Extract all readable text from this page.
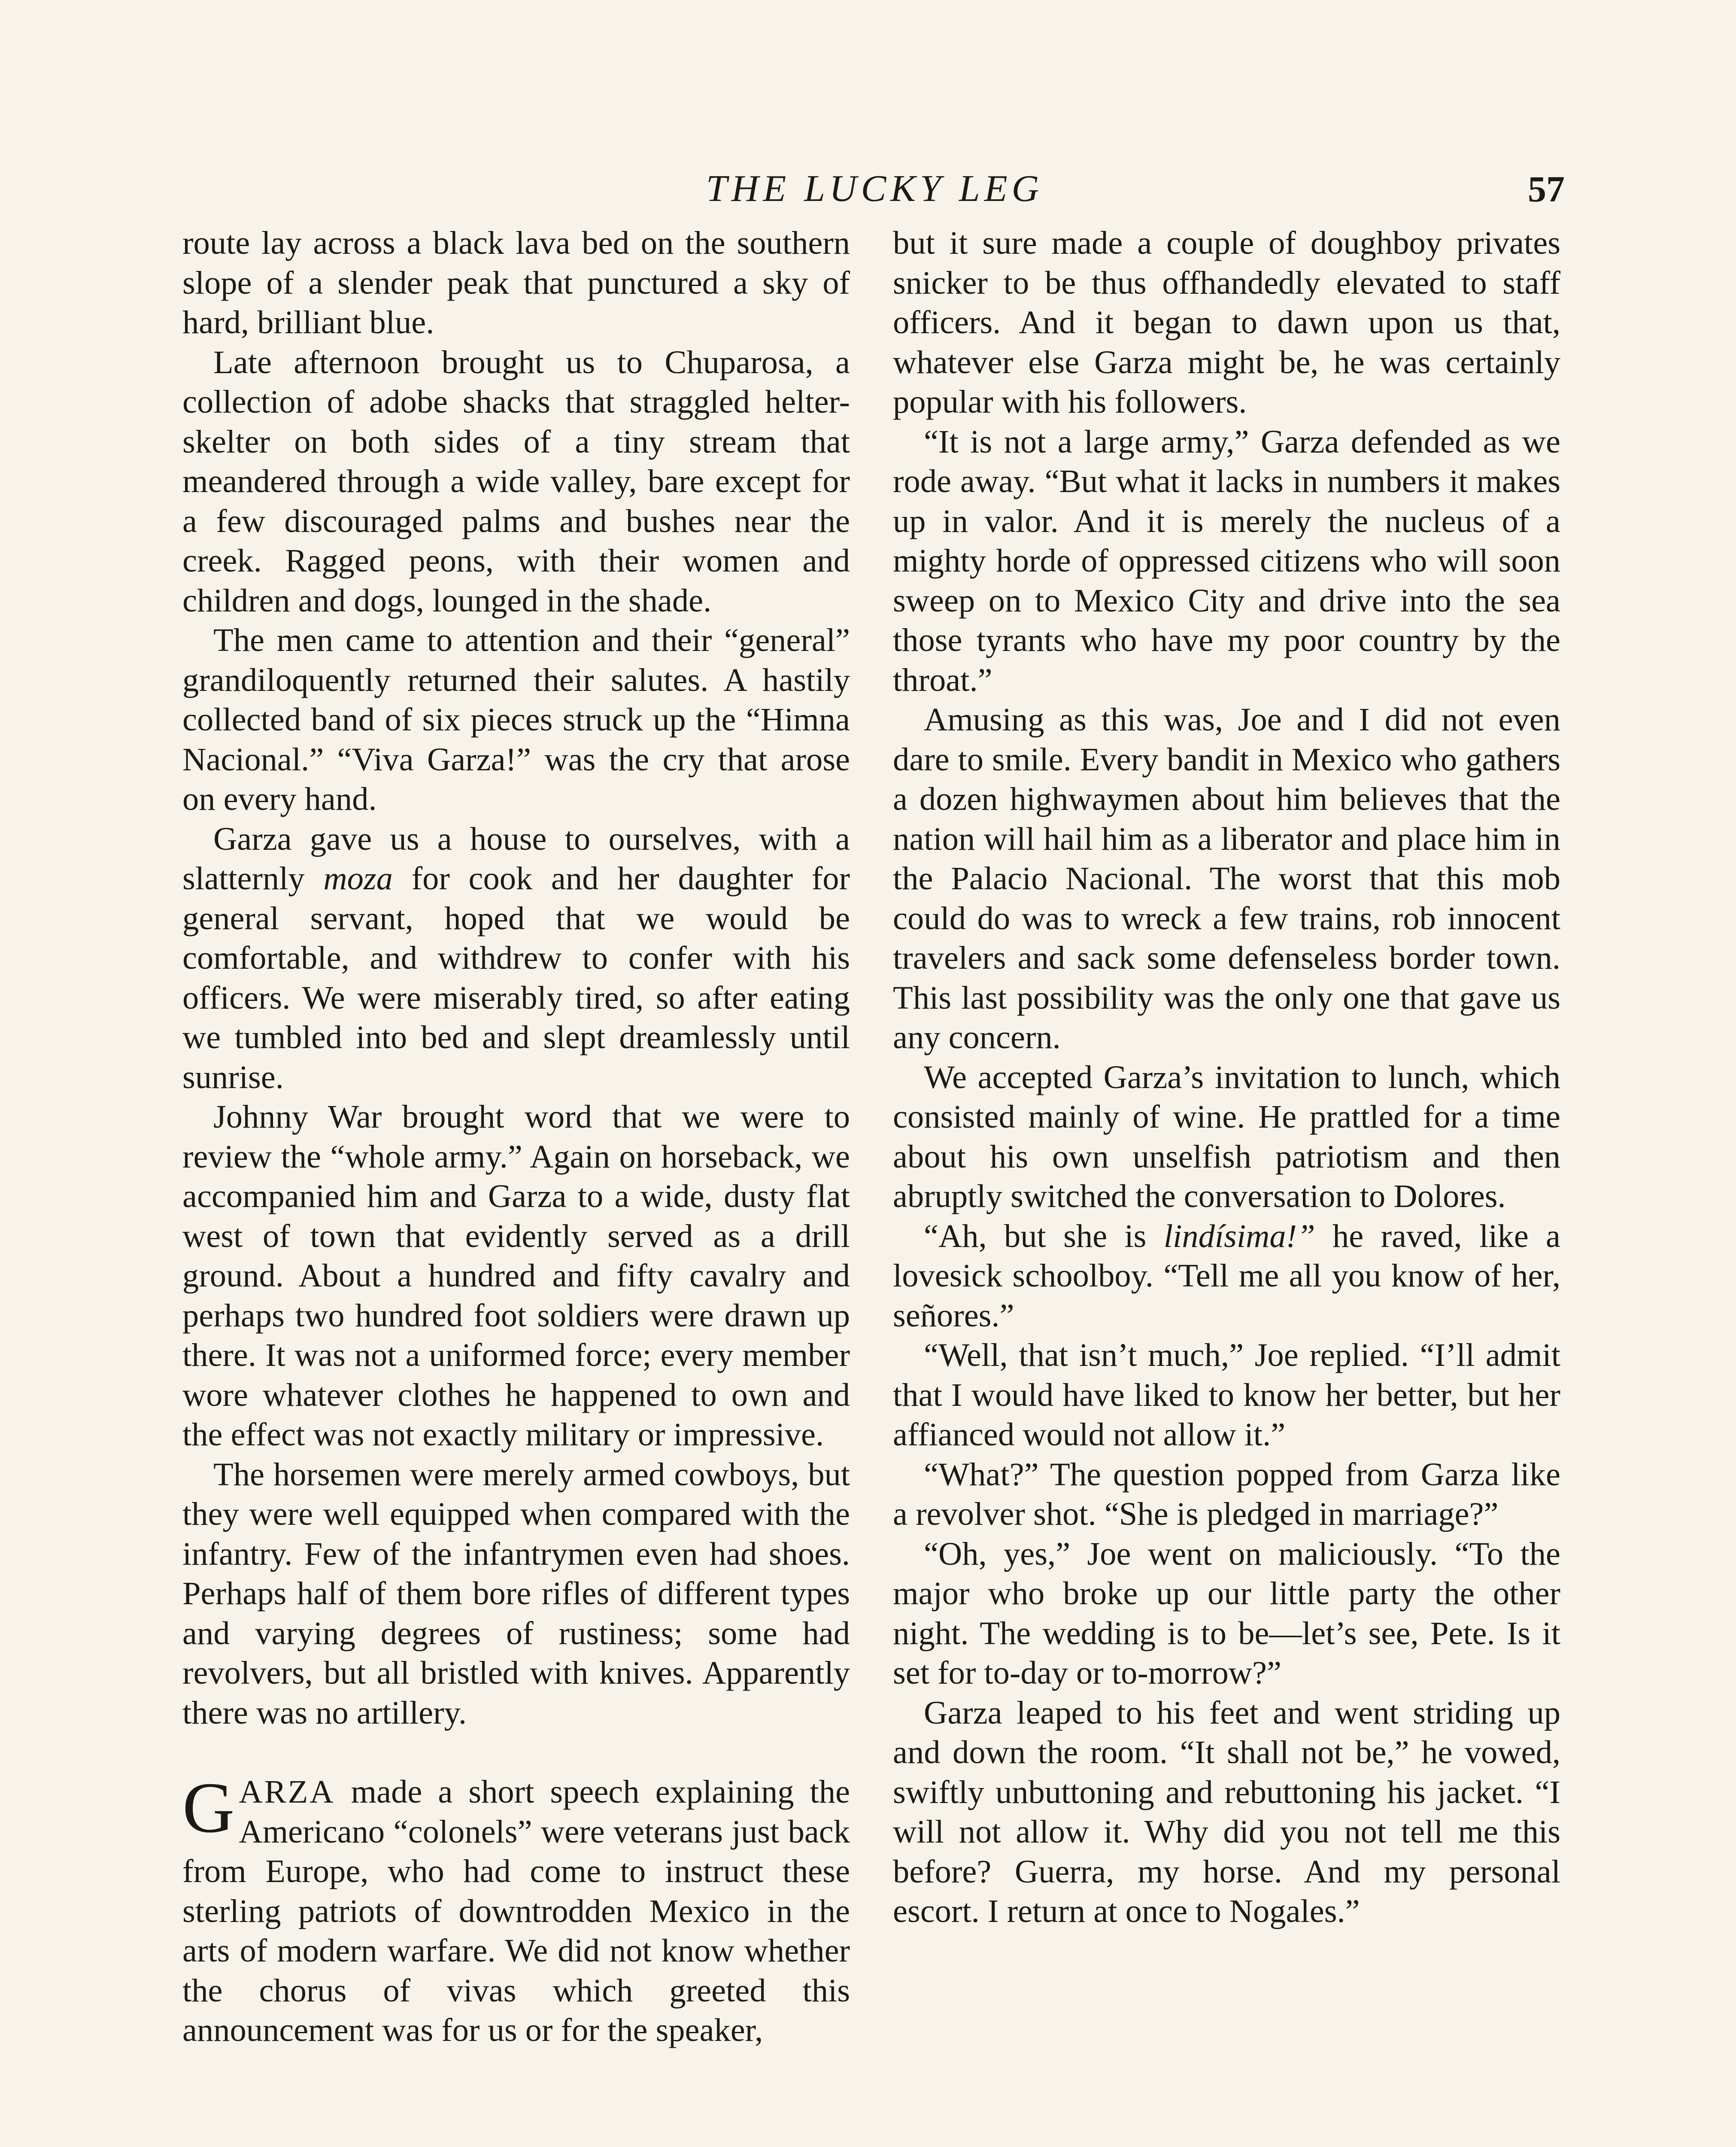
THE LUCKY LEG	57

route lay across a black lava bed on the southern slope of a slender peak that punctured a sky of hard, brilliant blue.

Late afternoon brought us to Chuparosa, a collection of adobe shacks that straggled helter-skelter on both sides of a tiny stream that meandered through a wide valley, bare except for a few discouraged palms and bushes near the creek. Ragged peons, with their women and children and dogs, lounged in the shade.

The men came to attention and their “general” grandiloquently returned their salutes. A hastily collected band of six pieces struck up the “Himna Nacional.” “Viva Garza!” was the cry that arose on every hand.

Garza gave us a house to ourselves, with a slatternly moza for cook and her daughter for general servant, hoped that we would be comfortable, and withdrew to confer with his officers. We were miserably tired, so after eating we tumbled into bed and slept dreamlessly until sunrise.

Johnny War brought word that we were to review the “whole army.” Again on horseback, we accompanied him and Garza to a wide, dusty flat west of town that evidently served as a drill ground. About a hundred and fifty cavalry and perhaps two hundred foot soldiers were drawn up there. It was not a uniformed force; every member wore whatever clothes he happened to own and the effect was not exactly military or impressive.

The horsemen were merely armed cowboys, but they were well equipped when compared with the infantry. Few of the infantrymen even had shoes. Perhaps half of them bore rifles of different types and varying degrees of rustiness; some had revolvers, but all bristled with knives. Apparently there was no artillery.

GARZA made a short speech explaining the Americano “colonels” were veterans just back from Europe, who had come to instruct these sterling patriots of downtrodden Mexico in the arts of modern warfare. We did not know whether the chorus of vivas which greeted this announcement was for us or for the speaker,

but it sure made a couple of doughboy privates snicker to be thus offhandedly elevated to staff officers. And it began to dawn upon us that, whatever else Garza might be, he was certainly popular with his followers.

“It is not a large army,” Garza defended as we rode away. “But what it lacks in numbers it makes up in valor. And it is merely the nucleus of a mighty horde of oppressed citizens who will soon sweep on to Mexico City and drive into the sea those tyrants who have my poor country by the throat.”

Amusing as this was, Joe and I did not even dare to smile. Every bandit in Mexico who gathers a dozen highwaymen about him believes that the nation will hail him as a liberator and place him in the Palacio Nacional. The worst that this mob could do was to wreck a few trains, rob innocent travelers and sack some defenseless border town. This last possibility was the only one that gave us any concern.

We accepted Garza’s invitation to lunch, which consisted mainly of wine. He prattled for a time about his own unselfish patriotism and then abruptly switched the conversation to Dolores.

“Ah, but she is lindísima!” he raved, like a lovesick schoolboy. “Tell me all you know of her, señores.”

“Well, that isn’t much,” Joe replied. “I’ll admit that I would have liked to know her better, but her affianced would not allow it.”

“What?” The question popped from Garza like a revolver shot. “She is pledged in marriage?”

“Oh, yes,” Joe went on maliciously. “To the major who broke up our little party the other night. The wedding is to be—let’s see, Pete. Is it set for to-day or to-morrow?”

Garza leaped to his feet and went striding up and down the room. “It shall not be,” he vowed, swiftly unbuttoning and rebuttoning his jacket. “I will not allow it. Why did you not tell me this before? Guerra, my horse. And my personal escort. I return at once to Nogales.”
